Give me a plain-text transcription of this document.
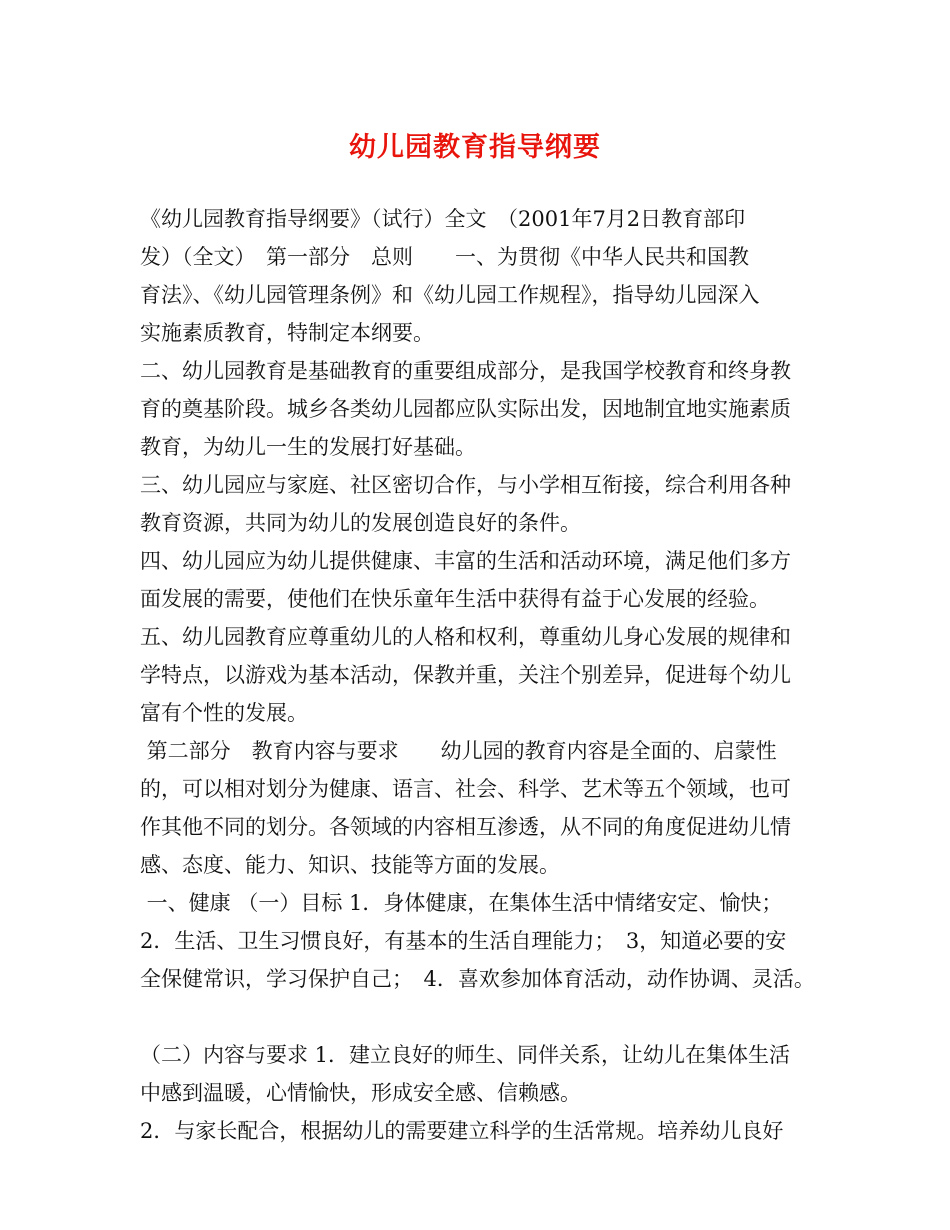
幼儿园教育指导纲要
《幼儿园教育指导纲要》（试行）全文　（2001年7月2日教育部印
发）（全文）　第一部分　总则　　一、为贯彻《中华人民共和国教
育法》、《幼儿园管理条例》和《幼儿园工作规程》，指导幼儿园深入
实施素质教育，特制定本纲要。
二、幼儿园教育是基础教育的重要组成部分，是我国学校教育和终身教
育的奠基阶段。城乡各类幼儿园都应队实际出发，因地制宜地实施素质
教育，为幼儿一生的发展打好基础。
三、幼儿园应与家庭、社区密切合作，与小学相互衔接，综合利用各种
教育资源，共同为幼儿的发展创造良好的条件。
四、幼儿园应为幼儿提供健康、丰富的生活和活动环境，满足他们多方
面发展的需要，使他们在快乐童年生活中获得有益于心发展的经验。
五、幼儿园教育应尊重幼儿的人格和权利，尊重幼儿身心发展的规律和
学特点，以游戏为基本活动，保教并重，关注个别差异，促进每个幼儿
富有个性的发展。
第二部分　教育内容与要求　　幼儿园的教育内容是全面的、启蒙性
的，可以相对划分为健康、语言、社会、科学、艺术等五个领域，也可
作其他不同的划分。各领域的内容相互渗透，从不同的角度促进幼儿情
感、态度、能力、知识、技能等方面的发展。
一、健康 （一）目标 1．身体健康，在集体生活中情绪安定、愉快；
2．生活、卫生习惯良好，有基本的生活自理能力；　3，知道必要的安
全保健常识，学习保护自己；　4．喜欢参加体育活动，动作协调、灵活。
（二）内容与要求 1．建立良好的师生、同伴关系，让幼儿在集体生活
中感到温暖，心情愉快，形成安全感、信赖感。
2．与家长配合，根据幼儿的需要建立科学的生活常规。培养幼儿良好
